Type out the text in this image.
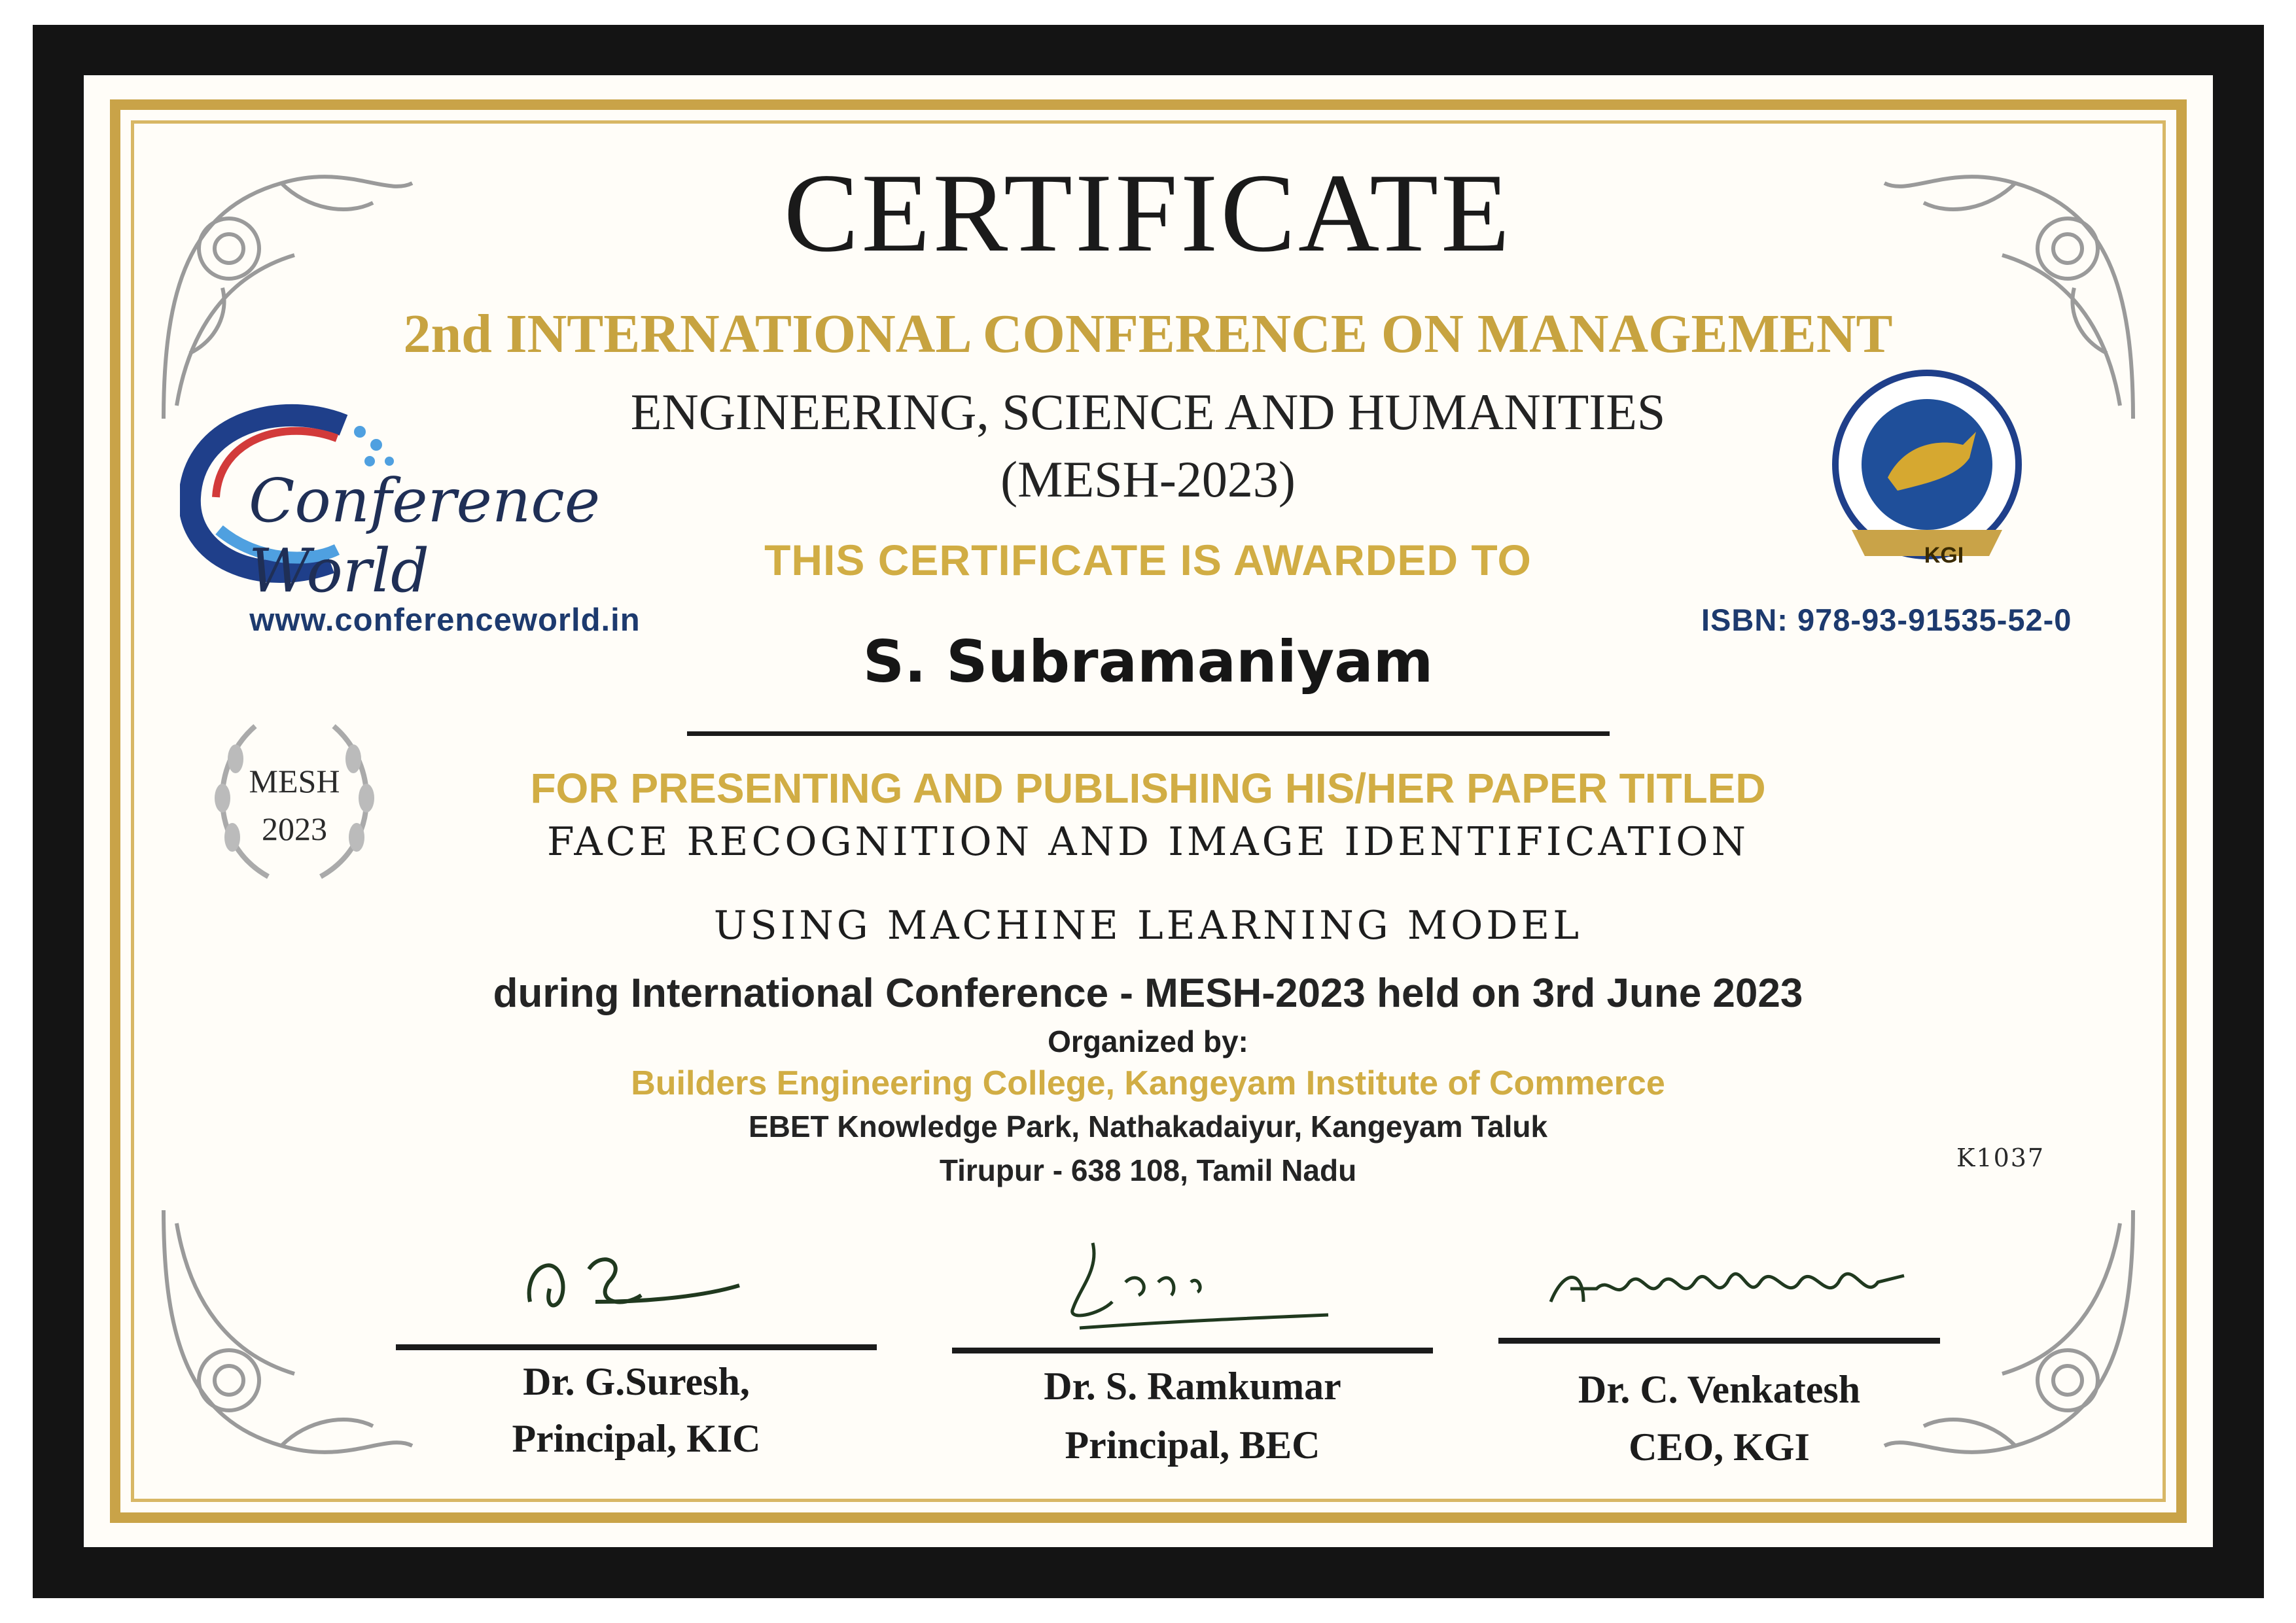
Conference World
www.conferenceworld.in
MESH
2023
KGI
ISBN: 978-93-91535-52-0
CERTIFICATE
2nd INTERNATIONAL CONFERENCE ON MANAGEMENT
ENGINEERING, SCIENCE AND HUMANITIES
(MESH-2023)
THIS CERTIFICATE IS AWARDED TO
S. Subramaniyam
FOR PRESENTING AND PUBLISHING HIS/HER PAPER TITLED
FACE RECOGNITION AND IMAGE IDENTIFICATION
USING MACHINE LEARNING MODEL
during International Conference - MESH-2023 held on 3rd June 2023
Organized by:
Builders Engineering College, Kangeyam Institute of Commerce
EBET Knowledge Park, Nathakadaiyur, Kangeyam Taluk
Tirupur - 638 108, Tamil Nadu	K1037
Dr. G.Suresh,
Principal, KIC
Dr. S. Ramkumar
Principal, BEC
Dr. C. Venkatesh
CEO, KGI
